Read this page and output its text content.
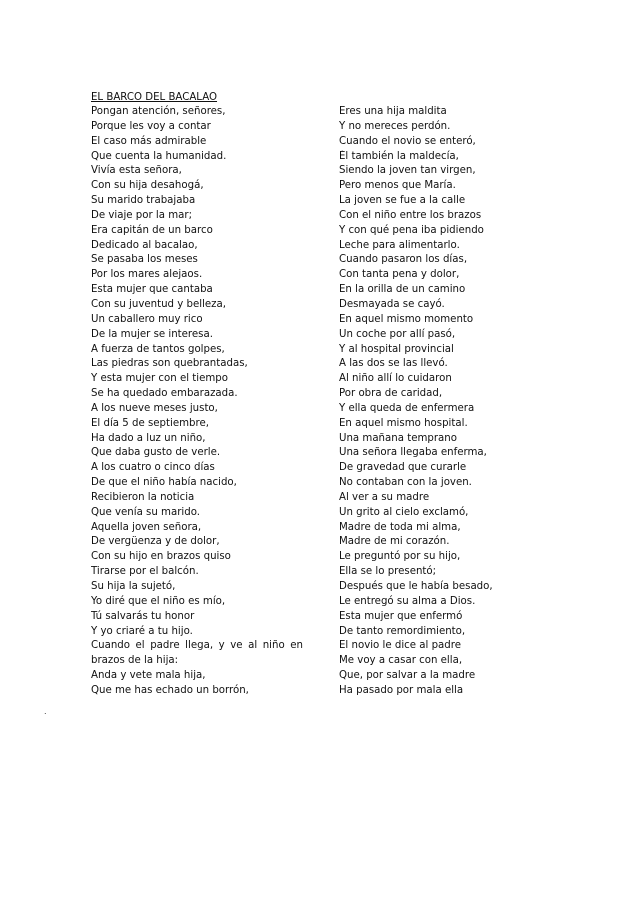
EL BARCO DEL BACALAO
Pongan atención, señores,
Porque les voy a contar
El caso más admirable
Que cuenta la humanidad.
Vivía esta señora,
Con su hija desahogá,
Su marido trabajaba
De viaje por la mar;
Era capitán de un barco
Dedicado al bacalao,
Se pasaba los meses
Por los mares alejaos.
Esta mujer que cantaba
Con su juventud y belleza,
Un caballero muy rico
De la mujer se interesa.
A fuerza de tantos golpes,
Las piedras son quebrantadas,
Y esta mujer con el tiempo
Se ha quedado embarazada.
A los nueve meses justo,
El día 5 de septiembre,
Ha dado a luz un niño,
Que daba gusto de verle.
A los cuatro o cinco días
De que el niño había nacido,
Recibieron la noticia
Que venía su marido.
Aquella joven señora,
De vergüenza y de dolor,
Con su hijo en brazos quiso
Tirarse por el balcón.
Su hija la sujetó,
Yo diré que el niño es mío,
Tú salvarás tu honor
Y yo criaré a tu hijo.
Cuando el padre llega, y ve al niño en
brazos de la hija:
Anda y vete mala hija,
Que me has echado un borrón,
Eres una hija maldita
Y no mereces perdón.
Cuando el novio se enteró,
Él también la maldecía,
Siendo la joven tan virgen,
Pero menos que María.
La joven se fue a la calle
Con el niño entre los brazos
Y con qué pena iba pidiendo
Leche para alimentarlo.
Cuando pasaron los días,
Con tanta pena y dolor,
En la orilla de un camino
Desmayada se cayó.
En aquel mismo momento
Un coche por allí pasó,
Y al hospital provincial
A las dos se las llevó.
Al niño allí lo cuidaron
Por obra de caridad,
Y ella queda de enfermera
En aquel mismo hospital.
Una mañana temprano
Una señora llegaba enferma,
De gravedad que curarle
No contaban con la joven.
Al ver a su madre
Un grito al cielo exclamó,
Madre de toda mi alma,
Madre de mi corazón.
Le preguntó por su hijo,
Ella se lo presentó;
Después que le había besado,
Le entregó su alma a Dios.
Esta mujer que enfermó
De tanto remordimiento,
El novio le dice al padre
Me voy a casar con ella,
Que, por salvar a la madre
Ha pasado por mala ella
.
